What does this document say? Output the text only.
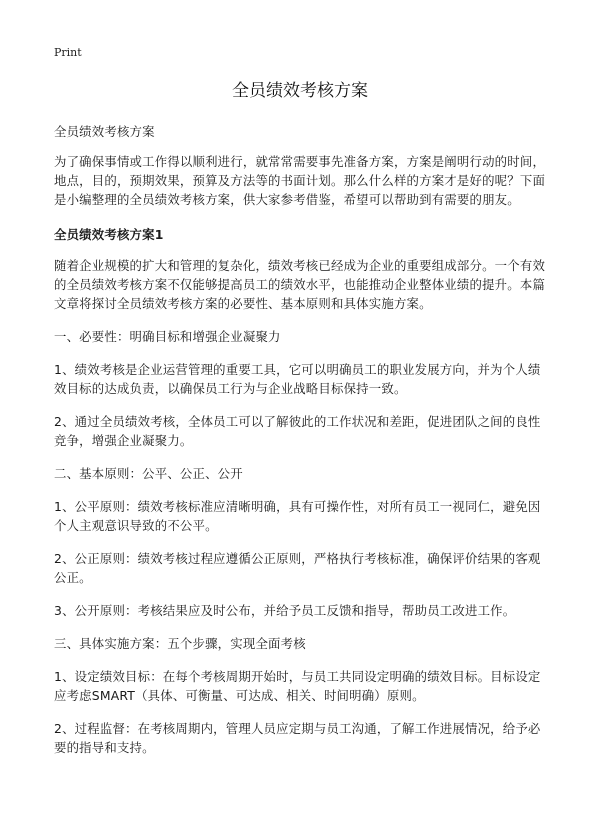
Print
全员绩效考核方案

全员绩效考核方案

为了确保事情或工作得以顺利进行，就常常需要事先准备方案，方案是阐明行动的时间，地点，目的，预期效果，预算及方法等的书面计划。那么什么样的方案才是好的呢？下面是小编整理的全员绩效考核方案，供大家参考借鉴，希望可以帮助到有需要的朋友。

全员绩效考核方案1

随着企业规模的扩大和管理的复杂化，绩效考核已经成为企业的重要组成部分。一个有效的全员绩效考核方案不仅能够提高员工的绩效水平，也能推动企业整体业绩的提升。本篇文章将探讨全员绩效考核方案的必要性、基本原则和具体实施方案。

一、必要性：明确目标和增强企业凝聚力

1、绩效考核是企业运营管理的重要工具，它可以明确员工的职业发展方向，并为个人绩效目标的达成负责，以确保员工行为与企业战略目标保持一致。

2、通过全员绩效考核，全体员工可以了解彼此的工作状况和差距，促进团队之间的良性竞争，增强企业凝聚力。

二、基本原则：公平、公正、公开

1、公平原则：绩效考核标准应清晰明确，具有可操作性，对所有员工一视同仁，避免因个人主观意识导致的不公平。

2、公正原则：绩效考核过程应遵循公正原则，严格执行考核标准，确保评价结果的客观公正。

3、公开原则：考核结果应及时公布，并给予员工反馈和指导，帮助员工改进工作。

三、具体实施方案：五个步骤，实现全面考核

1、设定绩效目标：在每个考核周期开始时，与员工共同设定明确的绩效目标。目标设定应考虑SMART（具体、可衡量、可达成、相关、时间明确）原则。

2、过程监督：在考核周期内，管理人员应定期与员工沟通，了解工作进展情况，给予必要的指导和支持。
